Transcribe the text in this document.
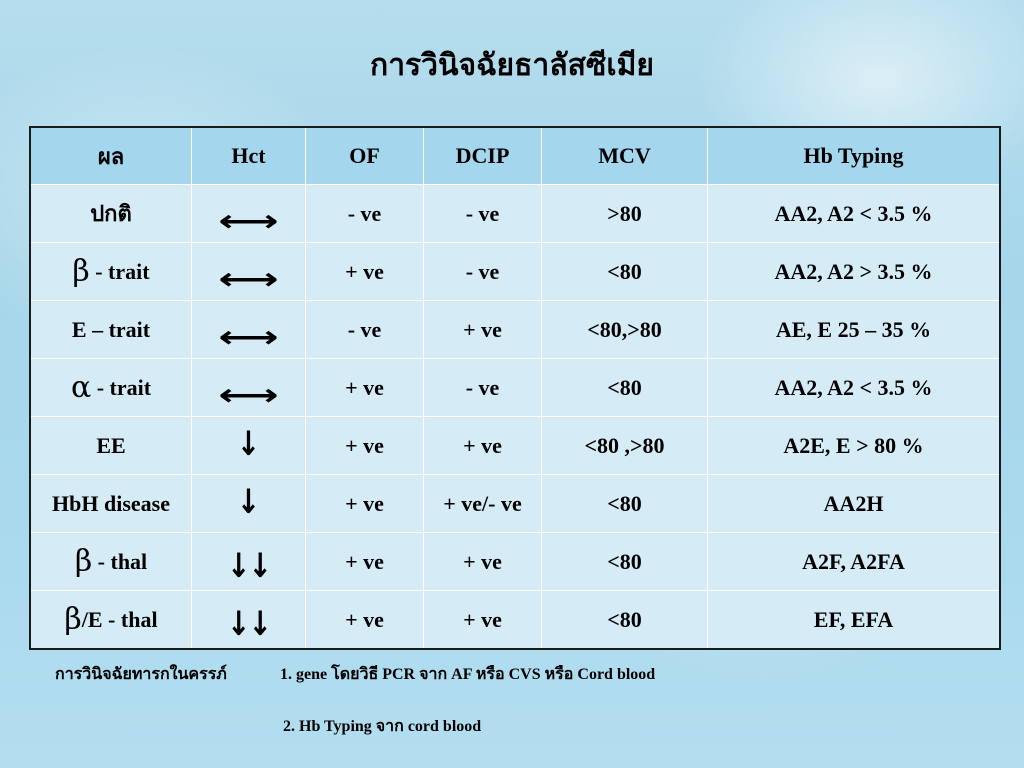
การวินิจฉัยธาลัสซีเมีย
ผล	Hct	OF	DCIP	MCV	Hb Typing
ปกติ	⟷	- ve	- ve	>80	AA2, A2 < 3.5 %
β - trait	⟷	+ ve	- ve	<80	AA2, A2 > 3.5 %
E – trait	⟷	- ve	+ ve	<80,>80	AE, E 25 – 35 %
α - trait	⟷	+ ve	- ve	<80	AA2, A2 < 3.5 %
EE	↓	+ ve	+ ve	<80 ,>80	A2E, E > 80 %
HbH disease	↓	+ ve	+ ve/- ve	<80	AA2H
β - thal	↓↓	+ ve	+ ve	<80	A2F, A2FA
β/E - thal	↓↓	+ ve	+ ve	<80	EF, EFA
การวินิจฉัยทารกในครรภ์	1. gene โดยวิธี PCR จาก AF หรือ CVS หรือ Cord blood
2. Hb Typing จาก cord blood
